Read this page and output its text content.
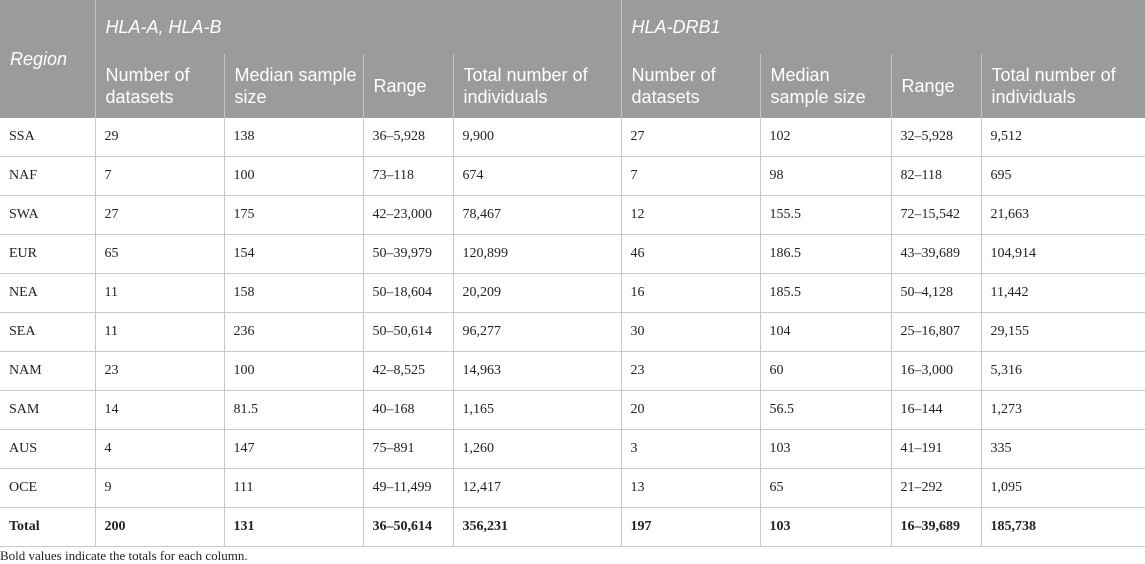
Region	HLA-A, HLA-B				HLA-DRB1			
	Number of datasets	Median sample size	Range	Total number of individuals	Number of datasets	Median sample size	Range	Total number of individuals
SSA	29	138	36–5,928	9,900	27	102	32–5,928	9,512
NAF	7	100	73–118	674	7	98	82–118	695
SWA	27	175	42–23,000	78,467	12	155.5	72–15,542	21,663
EUR	65	154	50–39,979	120,899	46	186.5	43–39,689	104,914
NEA	11	158	50–18,604	20,209	16	185.5	50–4,128	11,442
SEA	11	236	50–50,614	96,277	30	104	25–16,807	29,155
NAM	23	100	42–8,525	14,963	23	60	16–3,000	5,316
SAM	14	81.5	40–168	1,165	20	56.5	16–144	1,273
AUS	4	147	75–891	1,260	3	103	41–191	335
OCE	9	111	49–11,499	12,417	13	65	21–292	1,095
Total	200	131	36–50,614	356,231	197	103	16–39,689	185,738
Bold values indicate the totals for each column.
